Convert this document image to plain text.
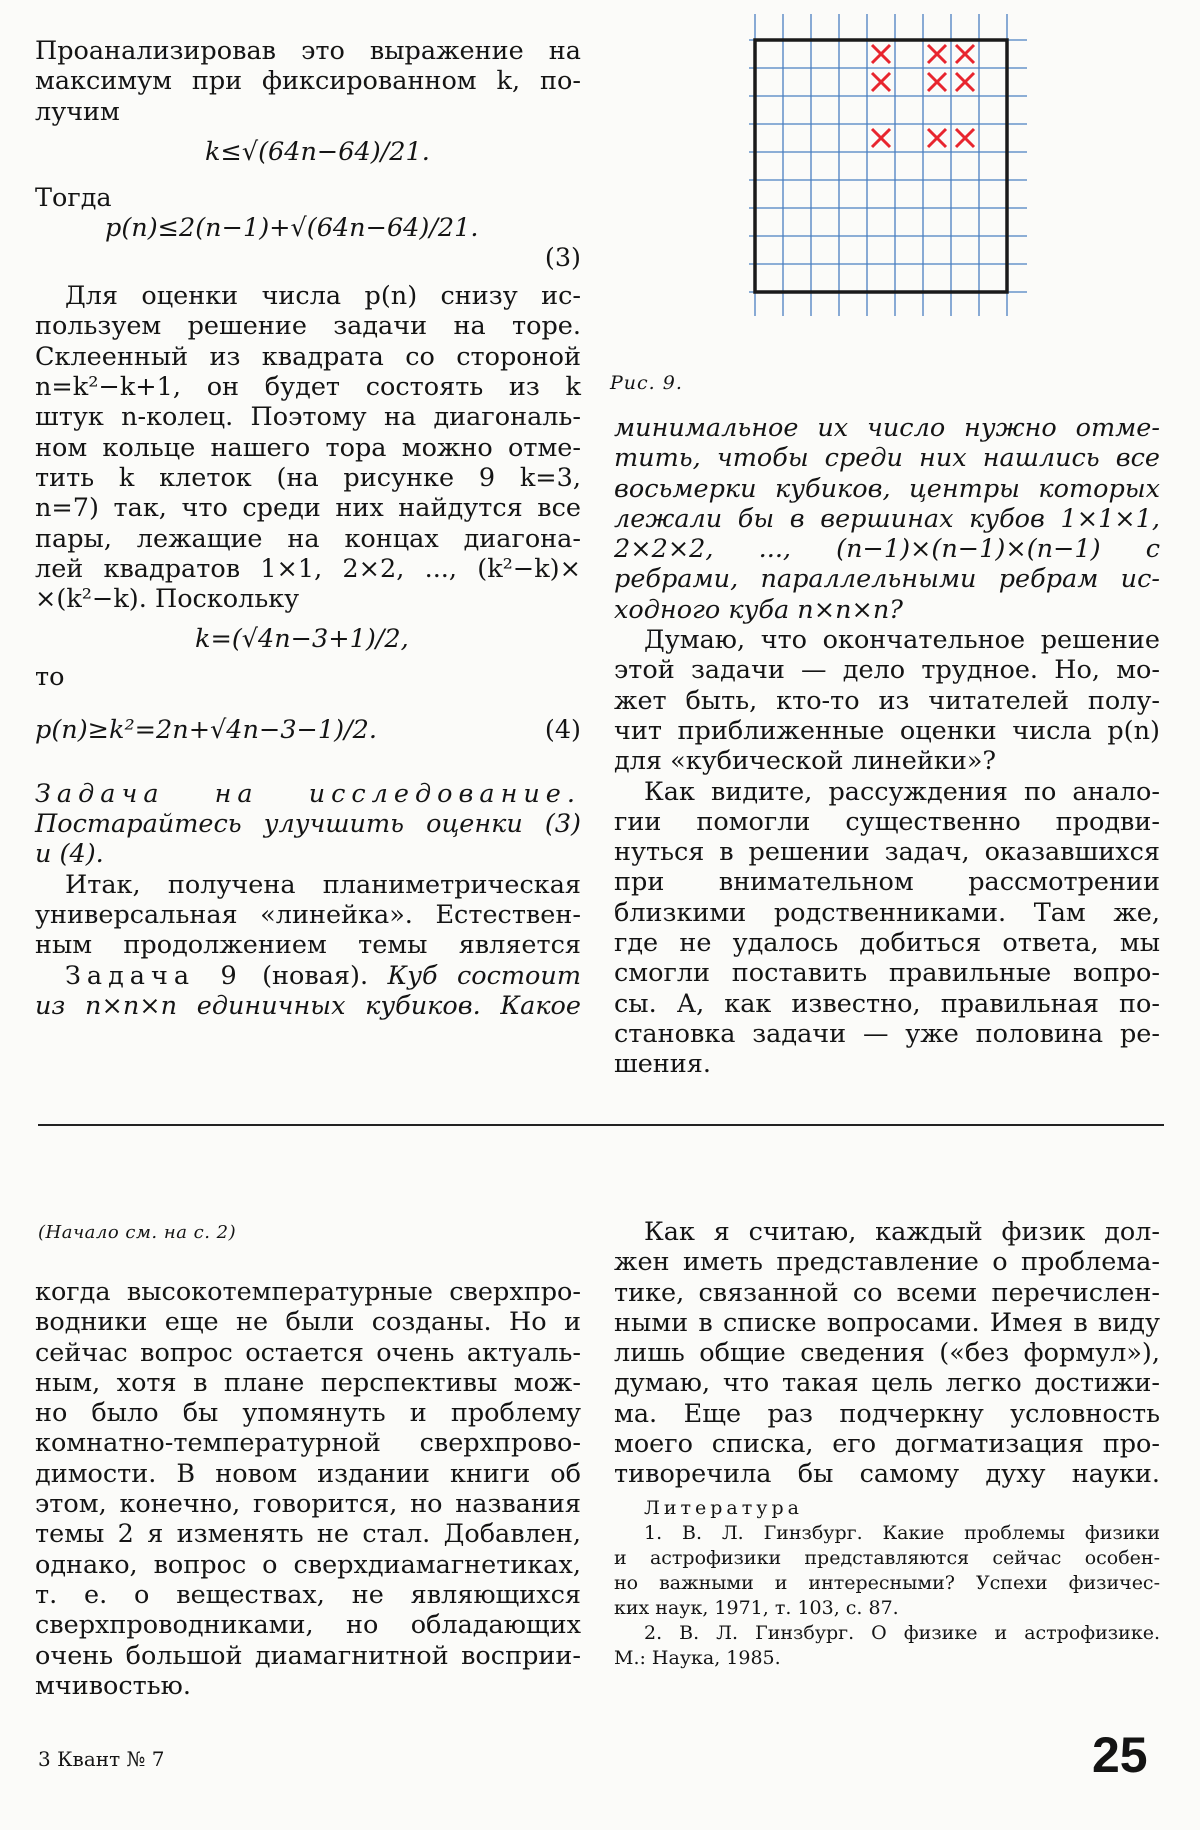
Проанализировав это выражение на
максимум при фиксированном k, по-
лучим
k≤√(64n−64)/21.
Тогда
p(n)≤2(n−1)+√(64n−64)/21.
(3)
Для оценки числа p(n) снизу ис-
пользуем решение задачи на торе.
Склеенный из квадрата со стороной
n=k²−k+1, он будет состоять из k
штук n-колец. Поэтому на диагональ-
ном кольце нашего тора можно отме-
тить k клеток (на рисунке 9 k=3,
n=7) так, что среди них найдутся все
пары, лежащие на концах диагона-
лей квадратов 1×1, 2×2, ..., (k²−k)×
×(k²−k). Поскольку
k=(√4n−3+1)/2,
то
p(n)≥k²=2n+√4n−3−1)/2.	(4)
Задача на исследование.
Постарайтесь улучшить оценки (3)
и (4).
Итак, получена планиметрическая
универсальная «линейка». Естествен-
ным продолжением темы является
Задача 9 (новая). Куб состоит
из n×n×n единичных кубиков. Какое
Рис. 9.
минимальное их число нужно отме-
тить, чтобы среди них нашлись все
восьмерки кубиков, центры которых
лежали бы в вершинах кубов 1×1×1,
2×2×2, ..., (n−1)×(n−1)×(n−1) с
ребрами, параллельными ребрам ис-
ходного куба n×n×n?
Думаю, что окончательное решение
этой задачи — дело трудное. Но, мо-
жет быть, кто-то из читателей полу-
чит приближенные оценки числа p(n)
для «кубической линейки»?
Как видите, рассуждения по анало-
гии помогли существенно продви-
нуться в решении задач, оказавшихся
при внимательном рассмотрении
близкими родственниками. Там же,
где не удалось добиться ответа, мы
смогли поставить правильные вопро-
сы. А, как известно, правильная по-
становка задачи — уже половина ре-
шения.
(Начало см. на с. 2)
когда высокотемпературные сверхпро-
водники еще не были созданы. Но и
сейчас вопрос остается очень актуаль-
ным, хотя в плане перспективы мож-
но было бы упомянуть и проблему
комнатно-температурной сверхпрово-
димости. В новом издании книги об
этом, конечно, говорится, но названия
темы 2 я изменять не стал. Добавлен,
однако, вопрос о сверхдиамагнетиках,
т. е. о веществах, не являющихся
сверхпроводниками, но обладающих
очень большой диамагнитной восприи-
мчивостью.
Как я считаю, каждый физик дол-
жен иметь представление о проблема-
тике, связанной со всеми перечислен-
ными в списке вопросами. Имея в виду
лишь общие сведения («без формул»),
думаю, что такая цель легко достижи-
ма. Еще раз подчеркну условность
моего списка, его догматизация про-
тиворечила бы самому духу науки.
Литература
1. В. Л. Гинзбург. Какие проблемы физики
и астрофизики представляются сейчас особен-
но важными и интересными? Успехи физичес-
ких наук, 1971, т. 103, с. 87.
2. В. Л. Гинзбург. О физике и астрофизике.
М.: Наука, 1985.
3 Квант № 7	25
